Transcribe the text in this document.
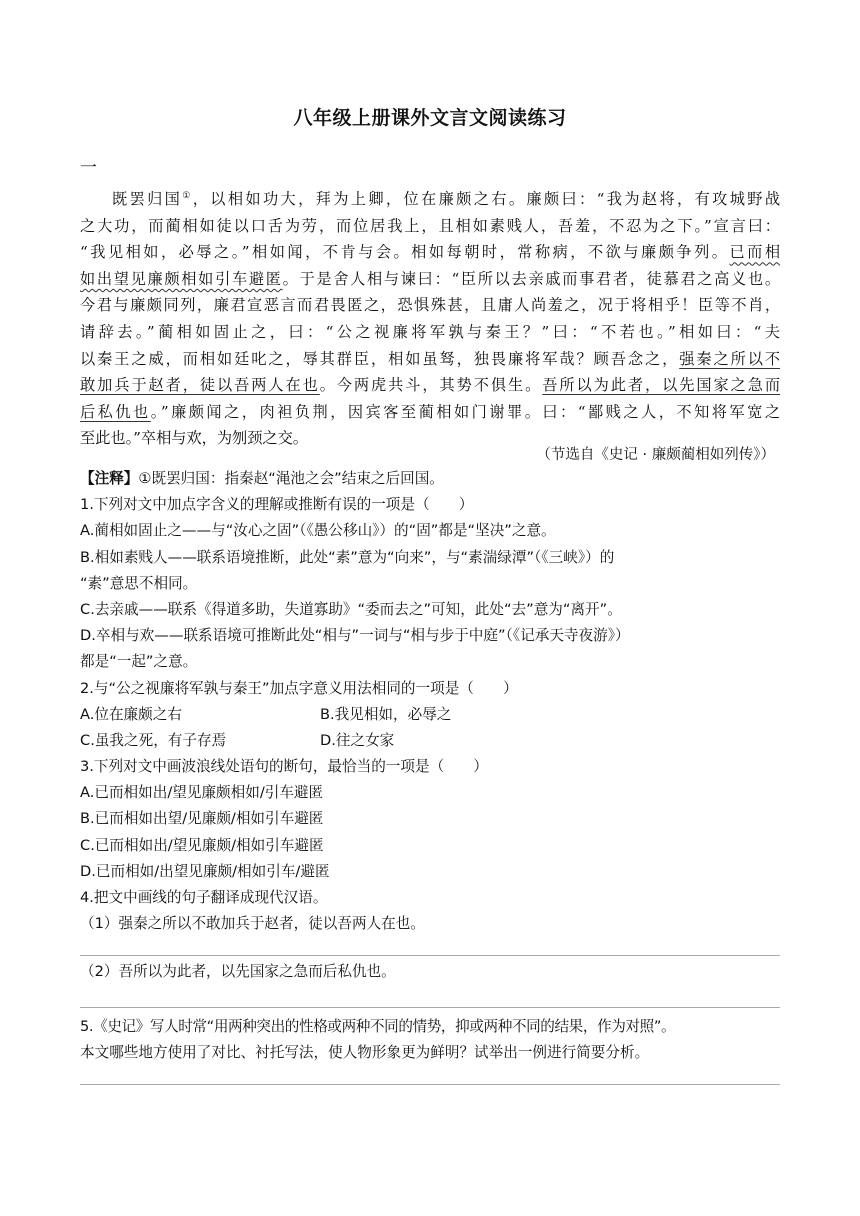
八年级上册课外文言文阅读练习
一
既罢归国①，以相如功大，拜为上卿，位在廉颇之右。廉颇曰：“我为赵将，有攻城野战
之大功，而蔺相如徒以口舌为劳，而位居我上，且相如素贱人，吾羞，不忍为之下。”宣言曰：
“我见相如，必辱之。”相如闻，不肯与会。相如每朝时，常称病，不欲与廉颇争列。已而相
如出望见廉颇相如引车避匿。于是舍人相与谏曰：“臣所以去亲戚而事君者，徒慕君之高义也。
今君与廉颇同列，廉君宣恶言而君畏匿之，恐惧殊甚，且庸人尚羞之，况于将相乎！臣等不肖，
请辞去。”蔺相如固止之，曰：“公之视廉将军孰与秦王？”曰：“不若也。”相如曰：“夫
以秦王之威，而相如廷叱之，辱其群臣，相如虽驽，独畏廉将军哉？顾吾念之，强秦之所以不
敢加兵于赵者，徒以吾两人在也。今两虎共斗，其势不俱生。吾所以为此者，以先国家之急而
后私仇也。”廉颇闻之，肉袒负荆，因宾客至蔺相如门谢罪。曰：“鄙贱之人，不知将军宽之
至此也。”卒相与欢，为刎颈之交。
（节选自《史记 · 廉颇蔺相如列传》）
【注释】①既罢归国：指秦赵“渑池之会”结束之后回国。
1.下列对文中加点字含义的理解或推断有误的一项是（　　）
A.蔺相如固止之——与“汝心之固”（《愚公移山》）的“固”都是“坚决”之意。
B.相如素贱人——联系语境推断，此处“素”意为“向来”，与“素湍绿潭”（《三峡》）的
“素”意思不相同。
C.去亲戚——联系《得道多助，失道寡助》“委而去之”可知，此处“去”意为“离开”。
D.卒相与欢——联系语境可推断此处“相与”一词与“相与步于中庭”（《记承天寺夜游》）
都是“一起”之意。
2.与“公之视廉将军孰与秦王”加点字意义用法相同的一项是（　　）
A.位在廉颇之右	B.我见相如，必辱之
C.虽我之死，有子存焉	D.往之女家
3.下列对文中画波浪线处语句的断句，最恰当的一项是（　　）
A.已而相如出/望见廉颇相如/引车避匿
B.已而相如出望/见廉颇/相如引车避匿
C.已而相如出/望见廉颇/相如引车避匿
D.已而相如/出望见廉颇/相如引车/避匿
4.把文中画线的句子翻译成现代汉语。
（1）强秦之所以不敢加兵于赵者，徒以吾两人在也。
（2）吾所以为此者，以先国家之急而后私仇也。
5.《史记》写人时常“用两种突出的性格或两种不同的情势，抑或两种不同的结果，作为对照”。
本文哪些地方使用了对比、衬托写法，使人物形象更为鲜明？试举出一例进行简要分析。
